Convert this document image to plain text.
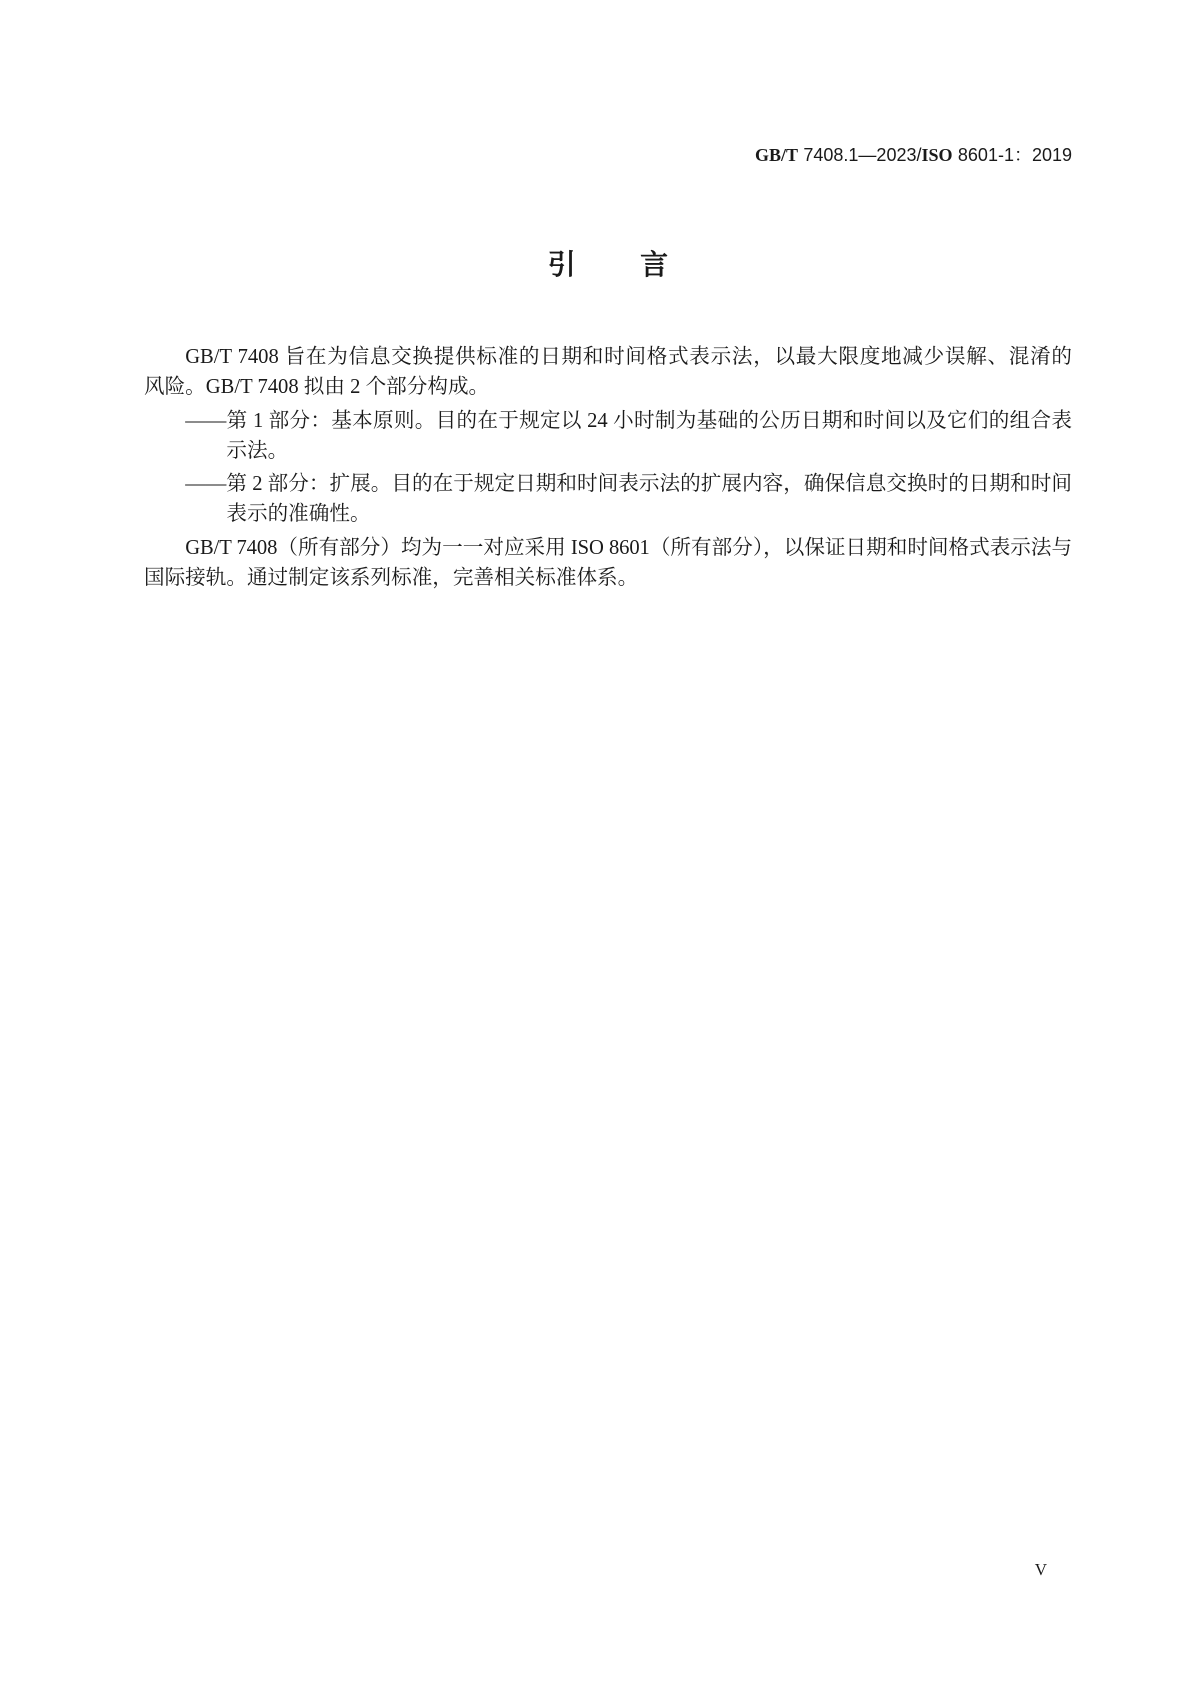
GB/T 7408.1—2023/ISO 8601-1：2019
引言
GB/T 7408 旨在为信息交换提供标准的日期和时间格式表示法，以最大限度地减少误解、混淆的
风险。GB/T 7408 拟由 2 个部分构成。
——第 1 部分：基本原则。目的在于规定以 24 小时制为基础的公历日期和时间以及它们的组合表
示法。
——第 2 部分：扩展。目的在于规定日期和时间表示法的扩展内容，确保信息交换时的日期和时间
表示的准确性。
GB/T 7408（所有部分）均为一一对应采用 ISO 8601（所有部分），以保证日期和时间格式表示法与
国际接轨。通过制定该系列标准，完善相关标准体系。
V
